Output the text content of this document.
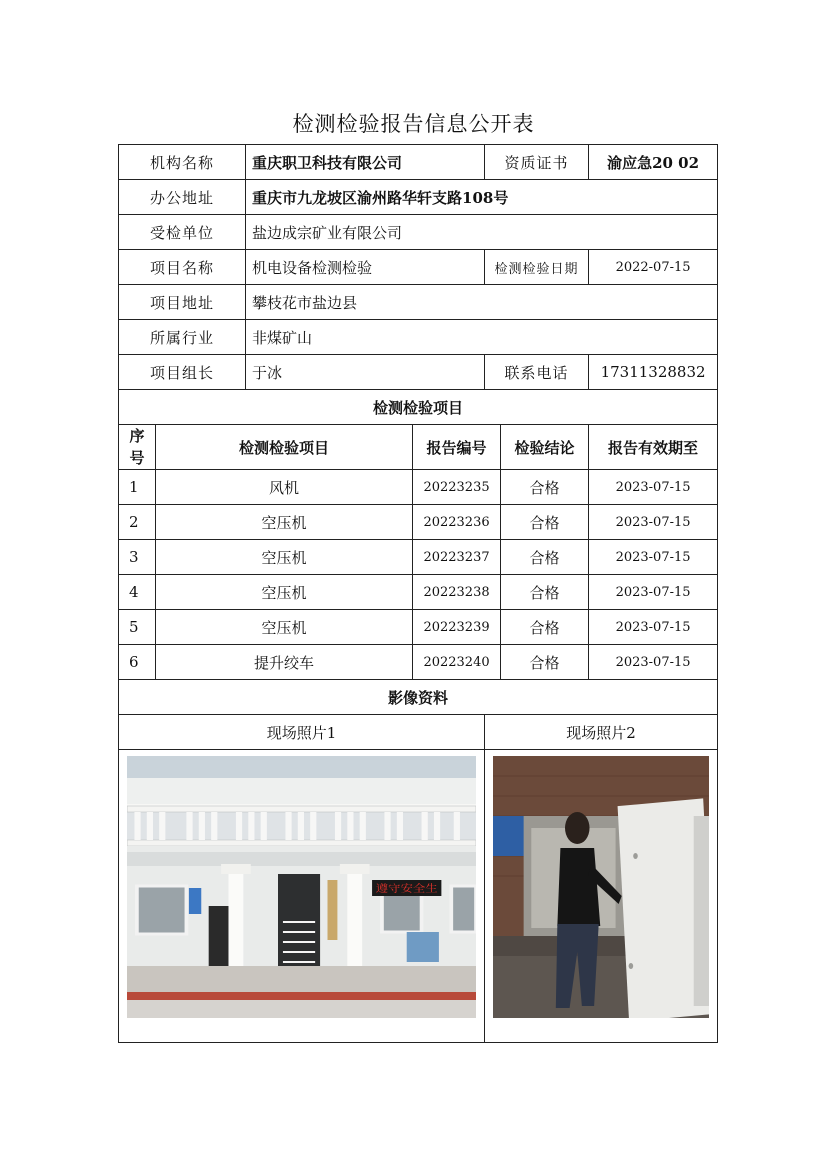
检测检验报告信息公开表
机构名称		重庆职卫科技有限公司		资质证书		渝应急20 02
办公地址		重庆市九龙坡区渝州路华轩支路108号				
受检单位		盐边成宗矿业有限公司				
项目名称		机电设备检测检验		检测检验日期		2022-07-15
项目地址		攀枝花市盐边县				
所属行业		非煤矿山				
项目组长		于冰		联系电话		17311328832
检测检验项目						
序号	检测检验项目		报告编号		检验结论	报告有效期至
1	风机		20223235		合格	2023-07-15
2	空压机		20223236		合格	2023-07-15
3	空压机		20223237		合格	2023-07-15
4	空压机		20223238		合格	2023-07-15
5	空压机		20223239		合格	2023-07-15
6	提升绞车		20223240		合格	2023-07-15
影像资料						
现场照片1				现场照片2		

遵守安全生
